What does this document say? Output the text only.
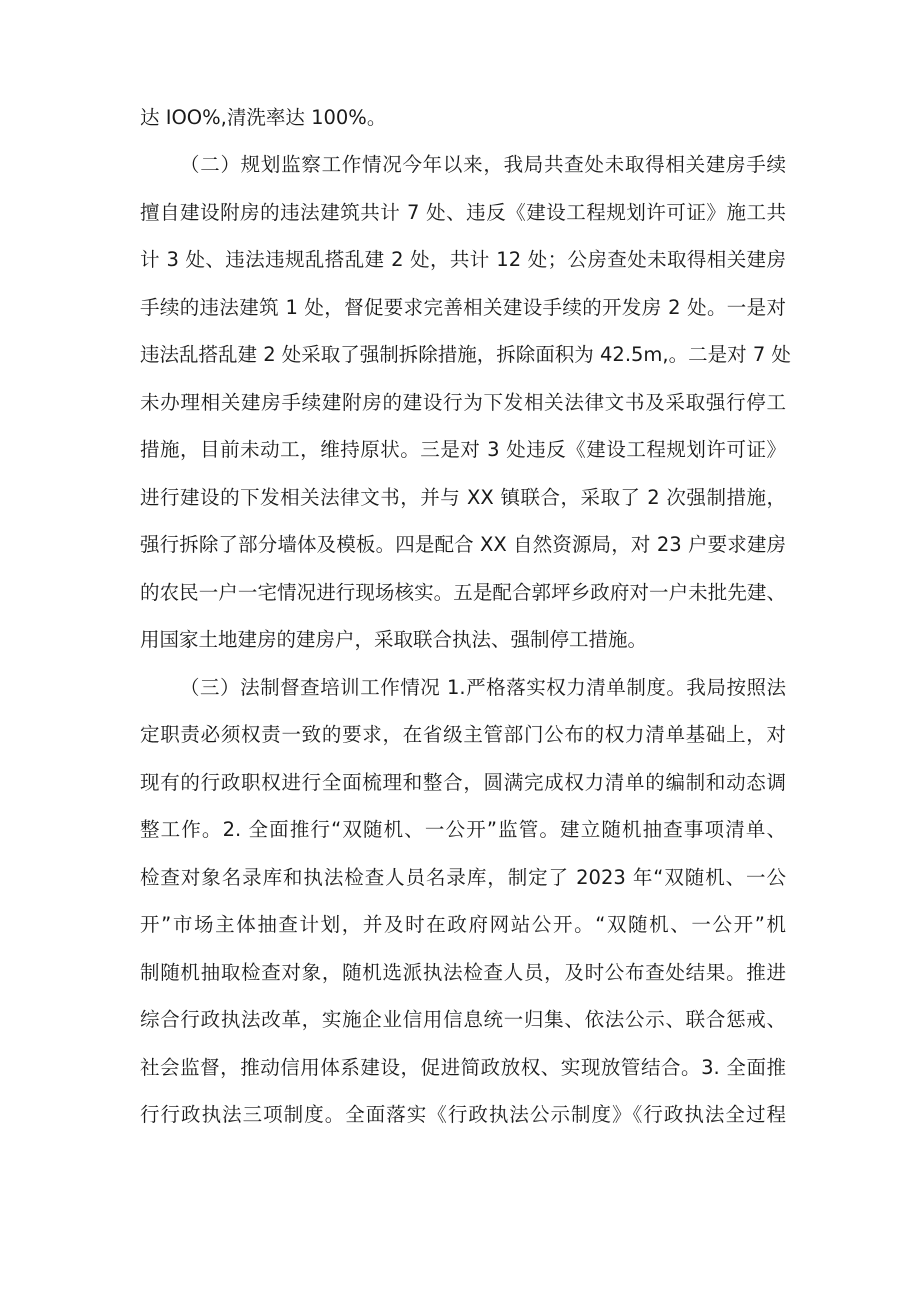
达 IOO%,清洗率达 100%。
（二）规划监察工作情况今年以来，我局共查处未取得相关建房手续
擅自建设附房的违法建筑共计 7 处、违反《建设工程规划许可证》施工共
计 3 处、违法违规乱搭乱建 2 处，共计 12 处；公房查处未取得相关建房
手续的违法建筑 1 处，督促要求完善相关建设手续的开发房 2 处。一是对
违法乱搭乱建 2 处采取了强制拆除措施，拆除面积为 42.5m,。二是对 7 处
未办理相关建房手续建附房的建设行为下发相关法律文书及采取强行停工
措施，目前未动工，维持原状。三是对 3 处违反《建设工程规划许可证》
进行建设的下发相关法律文书，并与 XX 镇联合，采取了 2 次强制措施，
强行拆除了部分墙体及模板。四是配合 XX 自然资源局，对 23 户要求建房
的农民一户一宅情况进行现场核实。五是配合郭坪乡政府对一户未批先建、
用国家土地建房的建房户，采取联合执法、强制停工措施。
（三）法制督查培训工作情况 1.严格落实权力清单制度。我局按照法
定职责必须权责一致的要求，在省级主管部门公布的权力清单基础上，对
现有的行政职权进行全面梳理和整合，圆满完成权力清单的编制和动态调
整工作。2. 全面推行“双随机、一公开”监管。建立随机抽查事项清单、
检查对象名录库和执法检查人员名录库，制定了 2023 年“双随机、一公
开”市场主体抽查计划，并及时在政府网站公开。“双随机、一公开”机
制随机抽取检查对象，随机选派执法检查人员，及时公布查处结果。推进
综合行政执法改革，实施企业信用信息统一归集、依法公示、联合惩戒、
社会监督，推动信用体系建设，促进简政放权、实现放管结合。3. 全面推
行行政执法三项制度。全面落实《行政执法公示制度》《行政执法全过程
